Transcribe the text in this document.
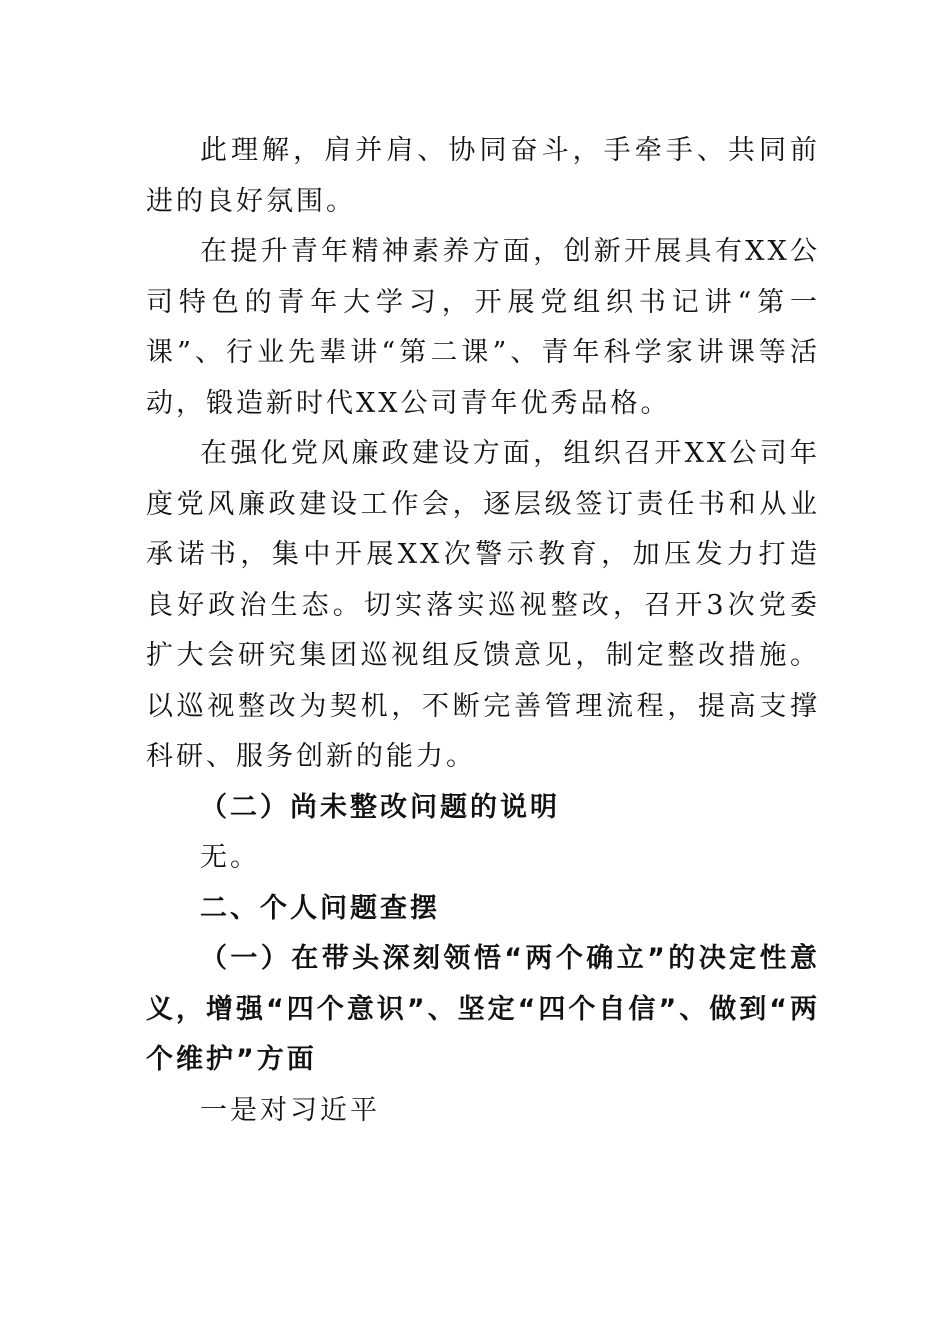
此理解，肩并肩、协同奋斗，手牵手、共同前进的良好氛围。

在提升青年精神素养方面，创新开展具有XX公司特色的青年大学习，开展党组织书记讲“第一课”、行业先辈讲“第二课”、青年科学家讲课等活动，锻造新时代XX公司青年优秀品格。

在强化党风廉政建设方面，组织召开XX公司年度党风廉政建设工作会，逐层级签订责任书和从业承诺书，集中开展XX次警示教育，加压发力打造良好政治生态。切实落实巡视整改，召开3次党委扩大会研究集团巡视组反馈意见，制定整改措施。以巡视整改为契机，不断完善管理流程，提高支撑科研、服务创新的能力。

（二）尚未整改问题的说明

无。

二、个人问题查摆

（一）在带头深刻领悟“两个确立”的决定性意义，增强“四个意识”、坚定“四个自信”、做到“两个维护”方面

一是对习近平
